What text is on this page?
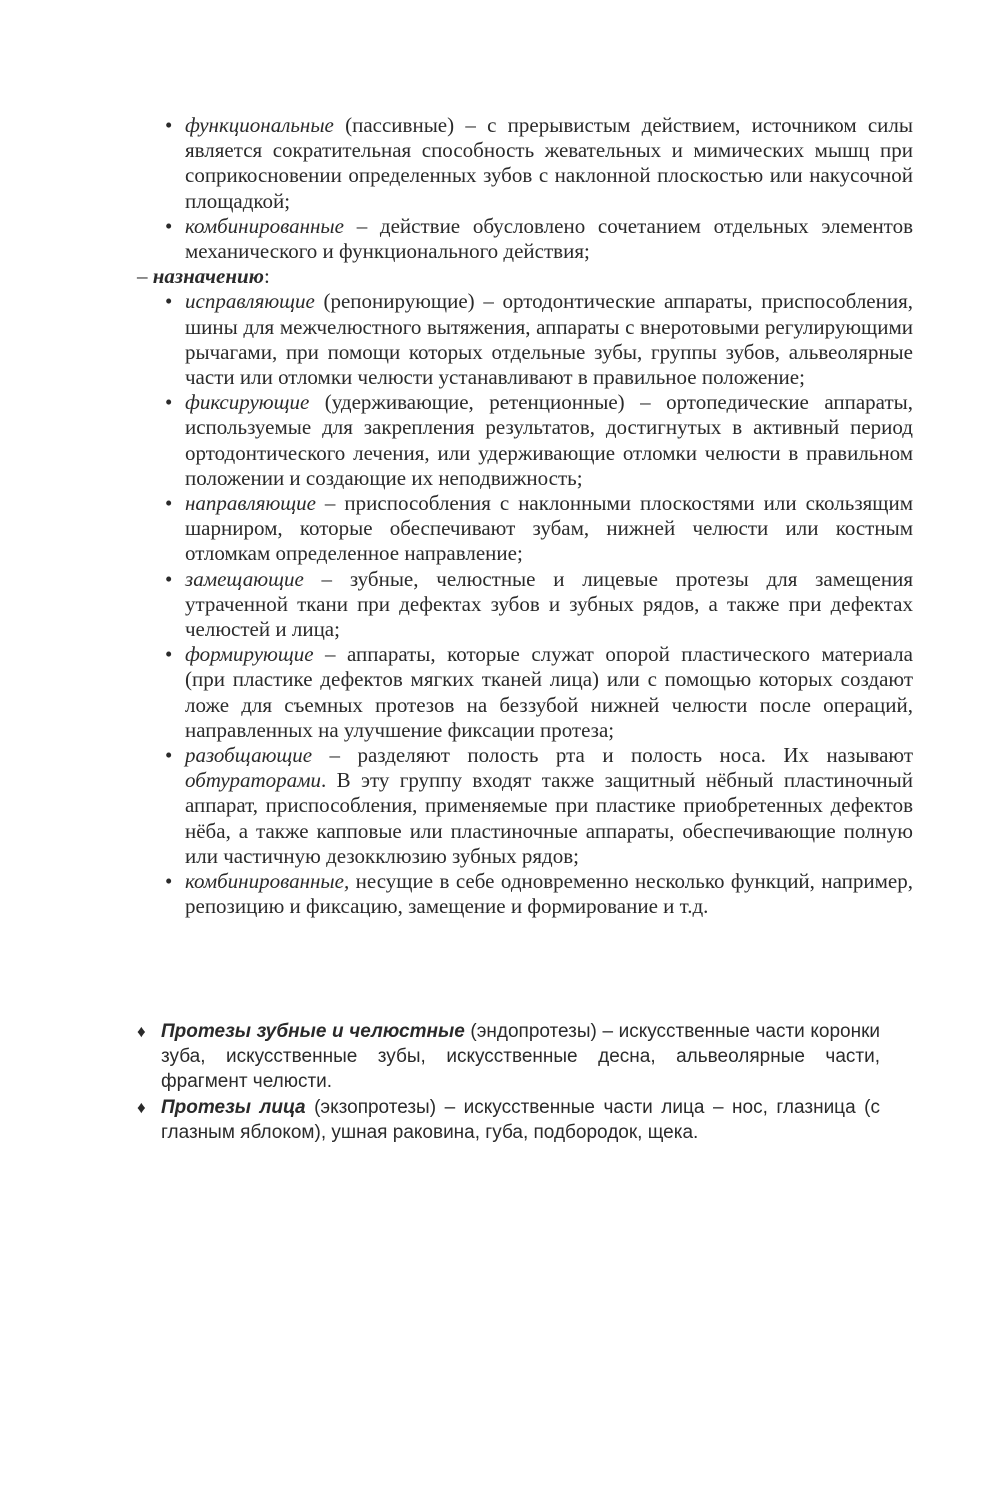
• функциональные (пассивные) – с прерывистым действием, источником силы является сократительная способность жевательных и мимических мышц при соприкосновении определенных зубов с наклонной плоскостью или накусочной площадкой;

• комбинированные – действие обусловлено сочетанием отдельных элементов механического и функционального действия;

– назначению:

• исправляющие (репонирующие) – ортодонтические аппараты, приспособления, шины для межчелюстного вытяжения, аппараты с внеротовыми регулирующими рычагами, при помощи которых отдельные зубы, группы зубов, альвеолярные части или отломки челюсти устанавливают в правильное положение;

• фиксирующие (удерживающие, ретенционные) – ортопедические аппараты, используемые для закрепления результатов, достигнутых в активный период ортодонтического лечения, или удерживающие отломки челюсти в правильном положении и создающие их неподвижность;

• направляющие – приспособления с наклонными плоскостями или скользящим шарниром, которые обеспечивают зубам, нижней челюсти или костным отломкам определенное направление;

• замещающие – зубные, челюстные и лицевые протезы для замещения утраченной ткани при дефектах зубов и зубных рядов, а также при дефектах челюстей и лица;

• формирующие – аппараты, которые служат опорой пластического материала (при пластике дефектов мягких тканей лица) или с помощью которых создают ложе для съемных протезов на беззубой нижней челюсти после операций, направленных на улучшение фиксации протеза;

• разобщающие – разделяют полость рта и полость носа. Их называют обтураторами. В эту группу входят также защитный нёбный пластиночный аппарат, приспособления, применяемые при пластике приобретенных дефектов нёба, а также капповые или пластиночные аппараты, обеспечивающие полную или частичную дезокклюзию зубных рядов;

• комбинированные, несущие в себе одновременно несколько функций, например, репозицию и фиксацию, замещение и формирование и т.д.

♦ Протезы зубные и челюстные (эндопротезы) – искусственные части коронки зуба, искусственные зубы, искусственные десна, альвеолярные части, фрагмент челюсти.

♦ Протезы лица (экзопротезы) – искусственные части лица – нос, глазница (с глазным яблоком), ушная раковина, губа, подбородок, щека.
